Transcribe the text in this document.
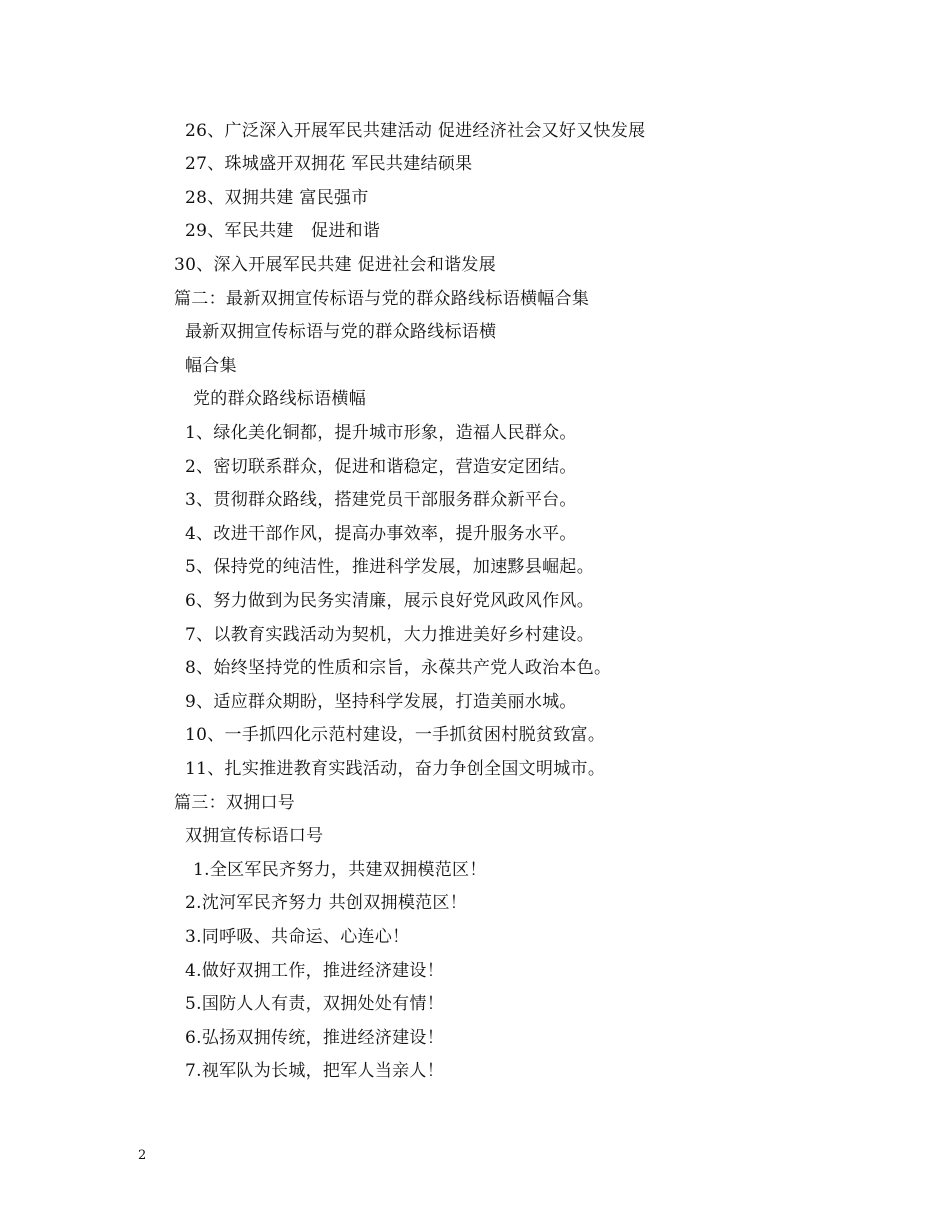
26、广泛深入开展军民共建活动 促进经济社会又好又快发展
27、珠城盛开双拥花 军民共建结硕果
28、双拥共建 富民强市
29、军民共建　促进和谐
30、深入开展军民共建 促进社会和谐发展
篇二：最新双拥宣传标语与党的群众路线标语横幅合集
最新双拥宣传标语与党的群众路线标语横
幅合集
党的群众路线标语横幅
1、绿化美化铜都，提升城市形象，造福人民群众。
2、密切联系群众，促进和谐稳定，营造安定团结。
3、贯彻群众路线，搭建党员干部服务群众新平台。
4、改进干部作风，提高办事效率，提升服务水平。
5、保持党的纯洁性，推进科学发展，加速黟县崛起。
6、努力做到为民务实清廉，展示良好党风政风作风。
7、以教育实践活动为契机，大力推进美好乡村建设。
8、始终坚持党的性质和宗旨，永葆共产党人政治本色。
9、适应群众期盼，坚持科学发展，打造美丽水城。
10、一手抓四化示范村建设，一手抓贫困村脱贫致富。
11、扎实推进教育实践活动，奋力争创全国文明城市。
篇三：双拥口号
双拥宣传标语口号
1.全区军民齐努力，共建双拥模范区！
2.沈河军民齐努力 共创双拥模范区！
3.同呼吸、共命运、心连心！
4.做好双拥工作，推进经济建设！
5.国防人人有责，双拥处处有情！
6.弘扬双拥传统，推进经济建设！
7.视军队为长城，把军人当亲人！
2
